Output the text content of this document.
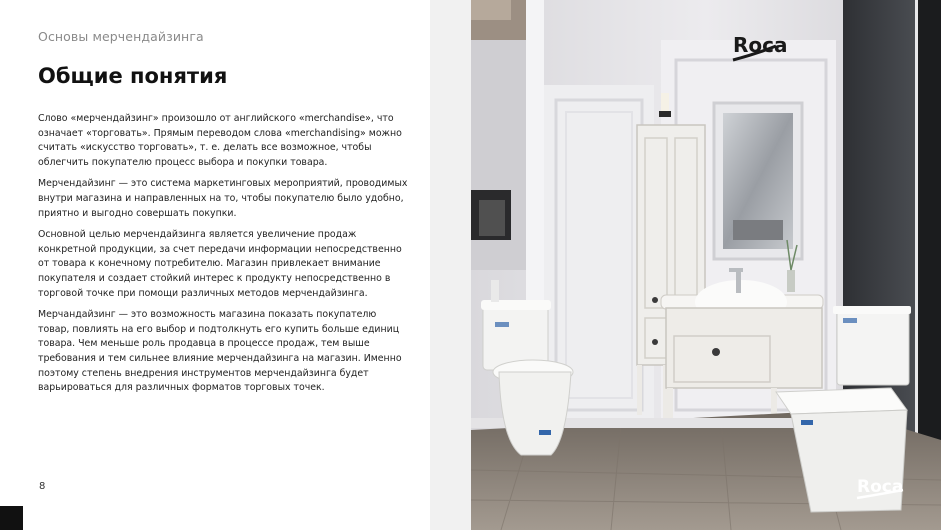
Основы мерчендайзинга
Общие понятия

Слово «мерчендайзинг» произошло от английского «merchandise», что означает «торговать». Прямым переводом слова «merchandising» можно считать «искусство торговать», т. е. делать все возможное, чтобы облегчить покупателю процесс выбора и покупки товара.

Мерчендайзинг — это система маркетинговых мероприятий, проводимых внутри магазина и направленных на то, чтобы покупателю было удобно, приятно и выгодно совершать покупки.

Основной целью мерчендайзинга является увеличение продаж конкретной продукции, за счет передачи информации непосредственно от товара к конечному потребителю. Магазин привлекает внимание покупателя и создает стойкий интерес к продукту непосредственно в торговой точке при помощи различных методов мерчендайзинга.

Мерчандайзинг — это возможность магазина показать покупателю товар, повлиять на его выбор и подтолкнуть его купить больше единиц товара. Чем меньше роль продавца в процессе продаж, тем выше требования и тем сильнее влияние мерчендайзинга на магазин. Именно поэтому степень внедрения инструментов мерчендайзинга будет варьироваться для различных форматов торговых точек.

8
Roca
Roca
